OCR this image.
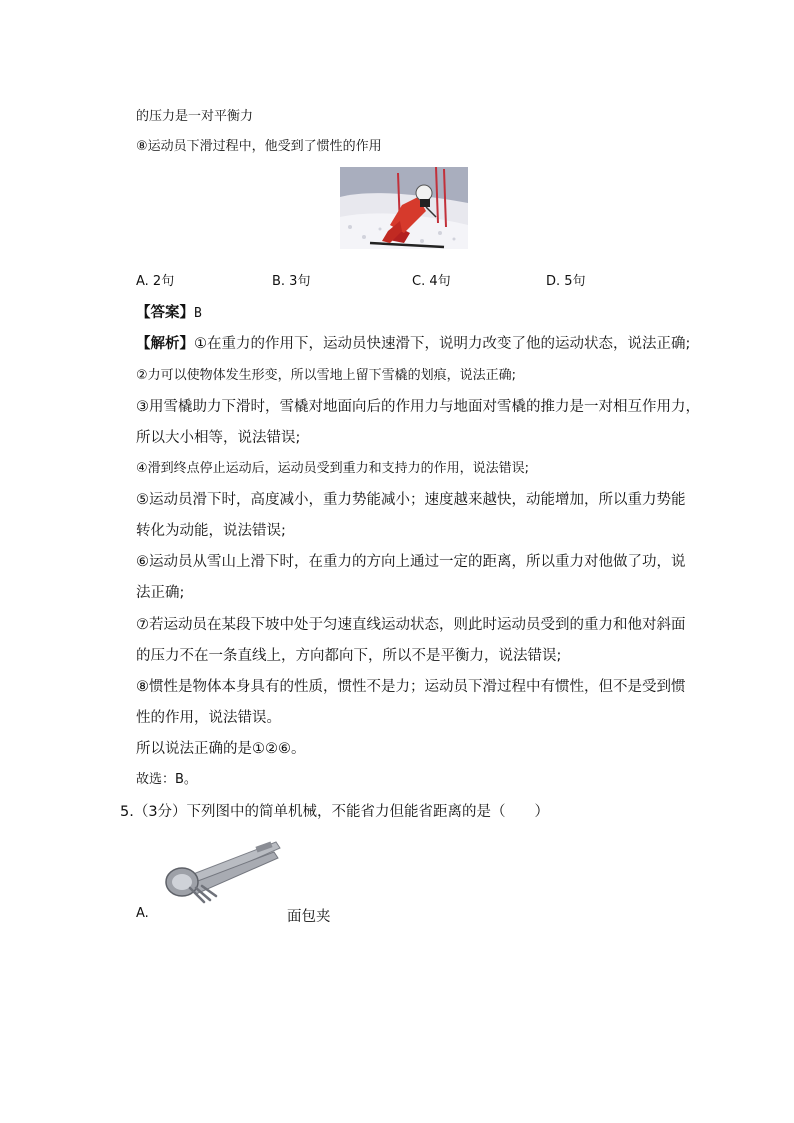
的压力是一对平衡力
⑧运动员下滑过程中，他受到了惯性的作用
A. 2句	B. 3句	C. 4句	D. 5句
【答案】B
【解析】①在重力的作用下，运动员快速滑下，说明力改变了他的运动状态，说法正确;
②力可以使物体发生形变，所以雪地上留下雪橇的划痕，说法正确;
③用雪橇助力下滑时，雪橇对地面向后的作用力与地面对雪橇的推力是一对相互作用力，
所以大小相等，说法错误;
④滑到终点停止运动后，运动员受到重力和支持力的作用，说法错误;
⑤运动员滑下时，高度减小，重力势能减小；速度越来越快，动能增加，所以重力势能
转化为动能，说法错误;
⑥运动员从雪山上滑下时，在重力的方向上通过一定的距离，所以重力对他做了功，说
法正确;
⑦若运动员在某段下坡中处于匀速直线运动状态，则此时运动员受到的重力和他对斜面
的压力不在一条直线上，方向都向下，所以不是平衡力，说法错误;
⑧惯性是物体本身具有的性质，惯性不是力；运动员下滑过程中有惯性，但不是受到惯
性的作用，说法错误。
所以说法正确的是①②⑥。
故选：B。
5.（3分）下列图中的简单机械，不能省力但能省距离的是（　　）
A.	面包夹
